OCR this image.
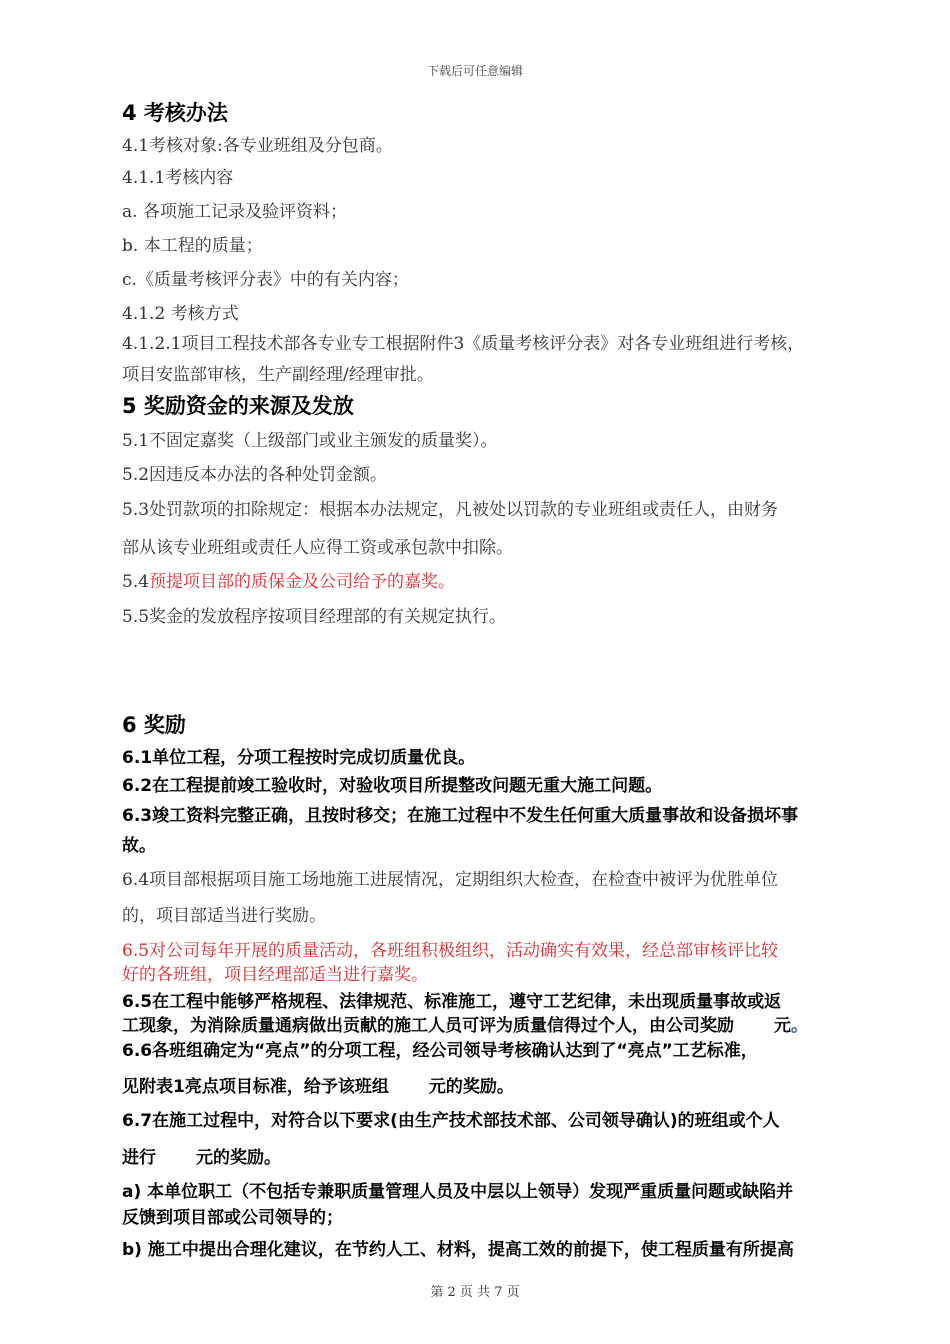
下载后可任意编辑
4 考核办法
4.1考核对象:各专业班组及分包商。
4.1.1考核内容
a. 各项施工记录及验评资料；
b. 本工程的质量；
c.《质量考核评分表》中的有关内容；
4.1.2 考核方式
4.1.2.1项目工程技术部各专业专工根据附件3《质量考核评分表》对各专业班组进行考核，
项目安监部审核，生产副经理/经理审批。
5 奖励资金的来源及发放
5.1不固定嘉奖（上级部门或业主颁发的质量奖）。
5.2因违反本办法的各种处罚金额。
5.3处罚款项的扣除规定：根据本办法规定，凡被处以罚款的专业班组或责任人，由财务
部从该专业班组或责任人应得工资或承包款中扣除。
5.4预提项目部的质保金及公司给予的嘉奖。
5.5奖金的发放程序按项目经理部的有关规定执行。
6 奖励
6.1单位工程，分项工程按时完成切质量优良。
6.2在工程提前竣工验收时，对验收项目所提整改问题无重大施工问题。
6.3竣工资料完整正确，且按时移交；在施工过程中不发生任何重大质量事故和设备损坏事
故。
6.4项目部根据项目施工场地施工进展情况，定期组织大检查，在检查中被评为优胜单位
的，项目部适当进行奖励。
6.5对公司每年开展的质量活动，各班组积极组织，活动确实有效果，经总部审核评比较
好的各班组，项目经理部适当进行嘉奖。
6.5在工程中能够严格规程、法律规范、标准施工，遵守工艺纪律，未出现质量事故或返
工现象，为消除质量通病做出贡献的施工人员可评为质量信得过个人，由公司奖励 元。
6.6各班组确定为“亮点”的分项工程，经公司领导考核确认达到了“亮点”工艺标准，
见附表1亮点项目标准，给予该班组 元的奖励。
6.7在施工过程中，对符合以下要求(由生产技术部技术部、公司领导确认)的班组或个人
进行 元的奖励。
a) 本单位职工（不包括专兼职质量管理人员及中层以上领导）发现严重质量问题或缺陷并
反馈到项目部或公司领导的；
b) 施工中提出合理化建议，在节约人工、材料，提高工效的前提下，使工程质量有所提高
第 2 页 共 7 页
